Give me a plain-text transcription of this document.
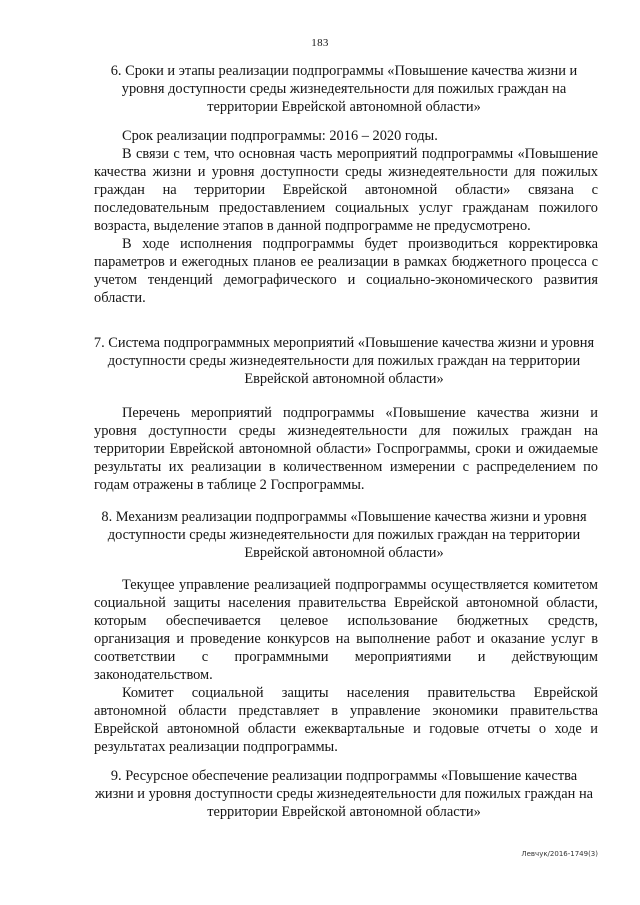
183
6. Сроки и этапы реализации подпрограммы «Повышение качества жизни и уровня доступности среды жизнедеятельности для пожилых граждан на территории Еврейской автономной области»

Срок реализации подпрограммы: 2016 – 2020 годы.

В связи с тем, что основная часть мероприятий подпрограммы «Повышение качества жизни и уровня доступности среды жизнедеятельности для пожилых граждан на территории Еврейской автономной области» связана с последовательным предоставлением социальных услуг гражданам пожилого возраста, выделение этапов в данной подпрограмме не предусмотрено.

В ходе исполнения подпрограммы будет производиться корректировка параметров и ежегодных планов ее реализации в рамках бюджетного процесса с учетом тенденций демографического и социально-экономического развития области.

7. Система подпрограммных мероприятий «Повышение качества жизни и уровня доступности среды жизнедеятельности для пожилых граждан на территории Еврейской автономной области»

Перечень мероприятий подпрограммы «Повышение качества жизни и уровня доступности среды жизнедеятельности для пожилых граждан на территории Еврейской автономной области» Госпрограммы, сроки и ожидаемые результаты их реализации в количественном измерении с распределением по годам отражены в таблице 2 Госпрограммы.

8. Механизм реализации подпрограммы «Повышение качества жизни и уровня доступности среды жизнедеятельности для пожилых граждан на территории Еврейской автономной области»

Текущее управление реализацией подпрограммы осуществляется комитетом социальной защиты населения правительства Еврейской автономной области, которым обеспечивается целевое использование бюджетных средств, организация и проведение конкурсов на выполнение работ и оказание услуг в соответствии с программными мероприятиями и действующим законодательством.

Комитет социальной защиты населения правительства Еврейской автономной области представляет в управление экономики правительства Еврейской автономной области ежеквартальные и годовые отчеты о ходе и результатах реализации подпрограммы.

9. Ресурсное обеспечение реализации подпрограммы «Повышение качества жизни и уровня доступности среды жизнедеятельности для пожилых граждан на территории Еврейской автономной области»
Левчук/2016-1749(3)
